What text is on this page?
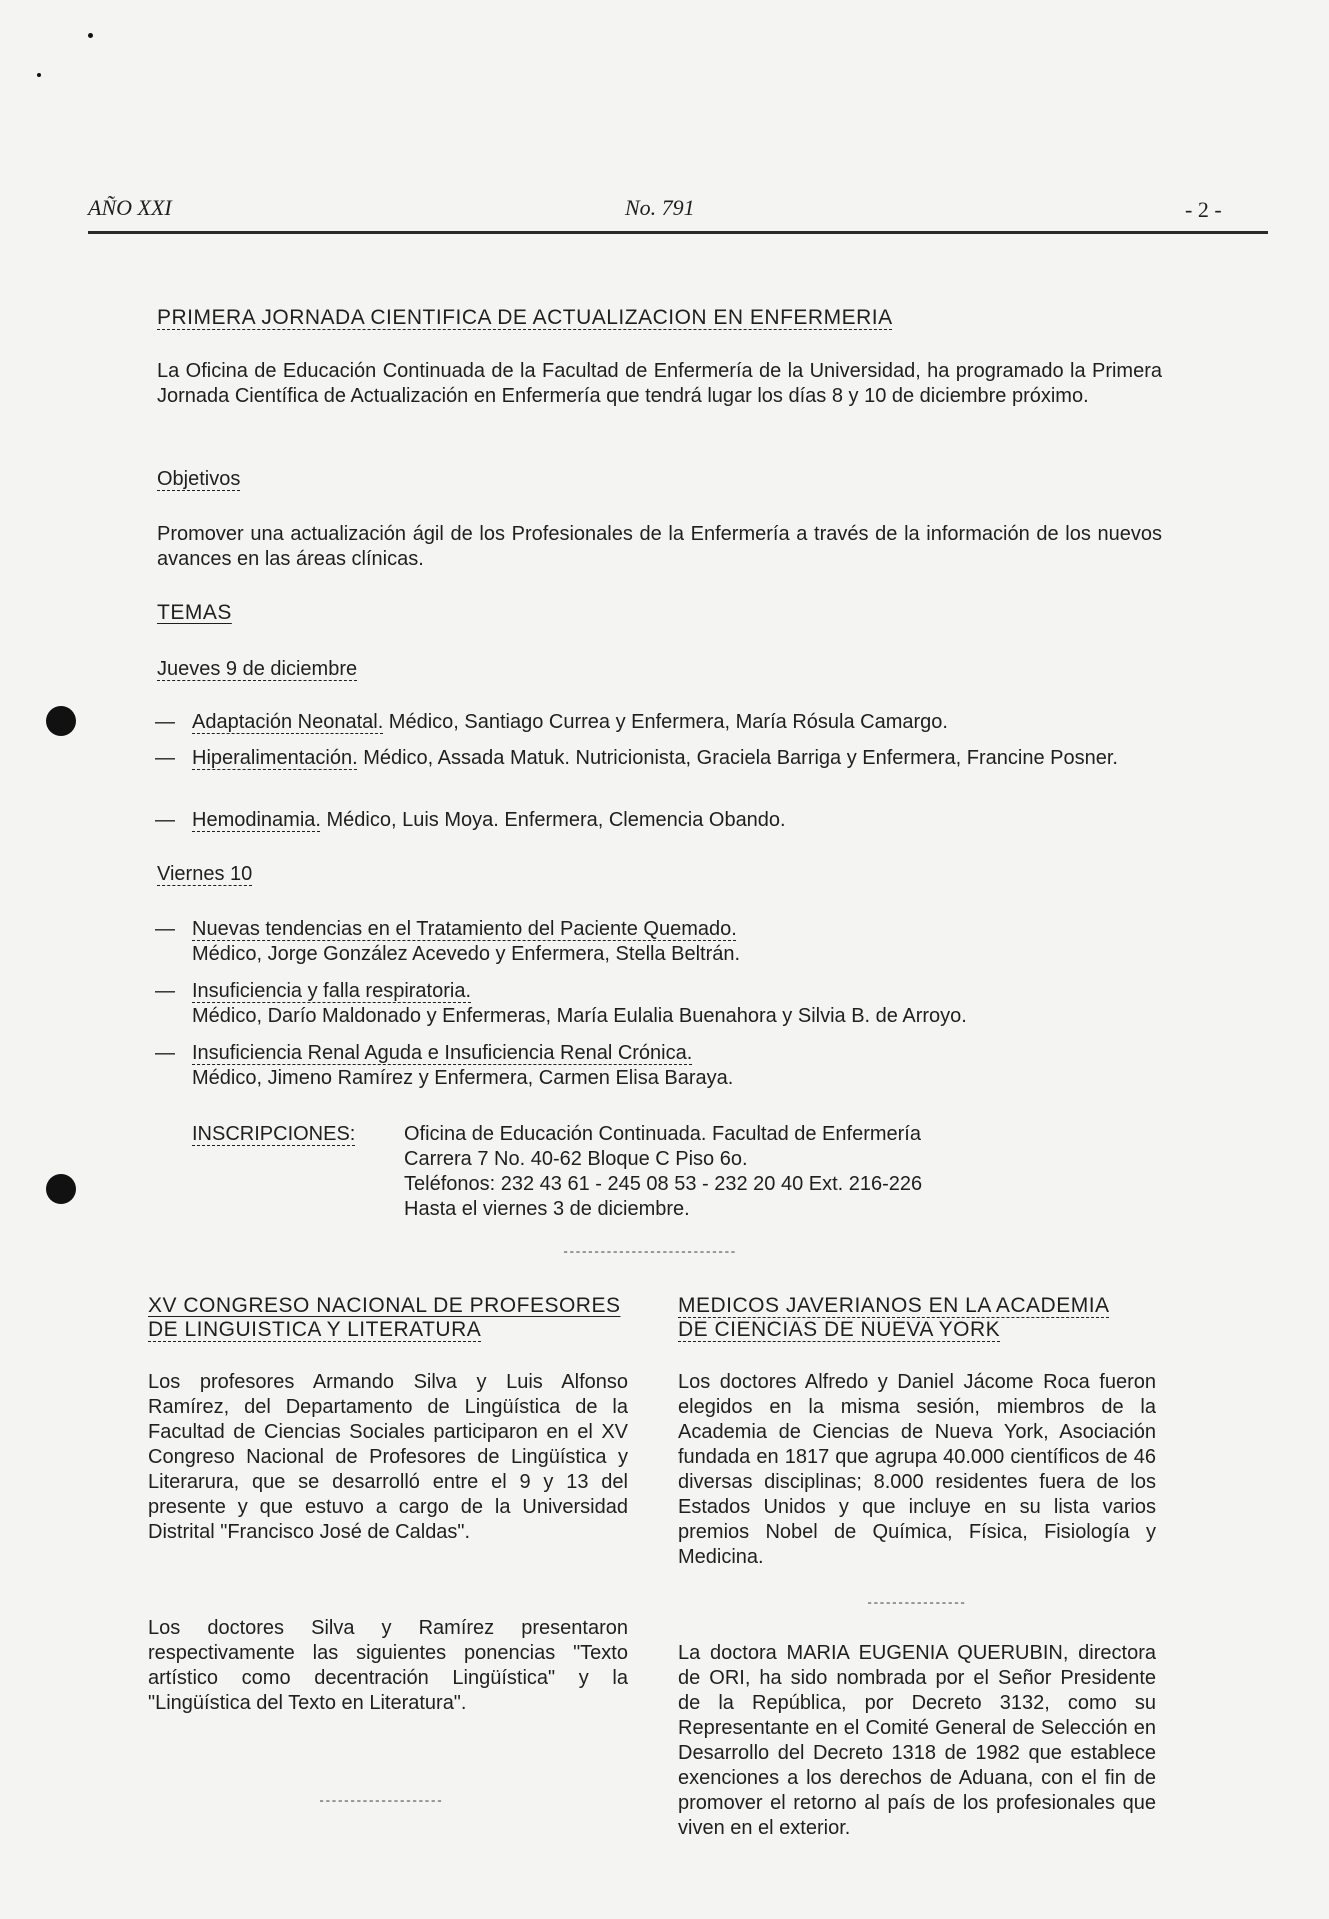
AÑO XXI	No. 791	- 2 -
PRIMERA JORNADA CIENTIFICA DE ACTUALIZACION EN ENFERMERIA
La Oficina de Educación Continuada de la Facultad de Enfermería de la Universidad, ha programado la Primera Jornada Científica de Actualización en Enfermería que tendrá lugar los días 8 y 10 de diciembre próximo.
Objetivos
Promover una actualización ágil de los Profesionales de la Enfermería a través de la información de los nuevos avances en las áreas clínicas.
TEMAS
Jueves 9 de diciembre
— Adaptación Neonatal. Médico, Santiago Currea y Enfermera, María Rósula Camargo.
— Hiperalimentación. Médico, Assada Matuk. Nutricionista, Graciela Barriga y Enfermera, Francine Posner.
— Hemodinamia. Médico, Luis Moya. Enfermera, Clemencia Obando.
Viernes 10
— Nuevas tendencias en el Tratamiento del Paciente Quemado.
Médico, Jorge González Acevedo y Enfermera, Stella Beltrán.
— Insuficiencia y falla respiratoria.
Médico, Darío Maldonado y Enfermeras, María Eulalia Buenahora y Silvia B. de Arroyo.
— Insuficiencia Renal Aguda e Insuficiencia Renal Crónica.
Médico, Jimeno Ramírez y Enfermera, Carmen Elisa Baraya.
INSCRIPCIONES: Oficina de Educación Continuada. Facultad de Enfermería
Carrera 7 No. 40-62 Bloque C Piso 6o.
Teléfonos: 232 43 61 - 245 08 53 - 232 20 40 Ext. 216-226
Hasta el viernes 3 de diciembre.
----------------------------
XV CONGRESO NACIONAL DE PROFESORES
DE LINGUISTICA Y LITERATURA
Los profesores Armando Silva y Luis Alfonso Ramírez, del Departamento de Lingüística de la Facultad de Ciencias Sociales participaron en el XV Congreso Nacional de Profesores de Lingüística y Literarura, que se desarrolló entre el 9 y 13 del presente y que estuvo a cargo de la Universidad Distrital "Francisco José de Caldas".
Los doctores Silva y Ramírez presentaron respectivamente las siguientes ponencias "Texto artístico como decentración Lingüística" y la "Lingüística del Texto en Literatura".
--------------------
MEDICOS JAVERIANOS EN LA ACADEMIA
DE CIENCIAS DE NUEVA YORK
Los doctores Alfredo y Daniel Jácome Roca fueron elegidos en la misma sesión, miembros de la Academia de Ciencias de Nueva York, Asociación fundada en 1817 que agrupa 40.000 científicos de 46 diversas disciplinas; 8.000 residentes fuera de los Estados Unidos y que incluye en su lista varios premios Nobel de Química, Física, Fisiología y Medicina.
----------------
La doctora MARIA EUGENIA QUERUBIN, directora de ORI, ha sido nombrada por el Señor Presidente de la República, por Decreto 3132, como su Representante en el Comité General de Selección en Desarrollo del Decreto 1318 de 1982 que establece exenciones a los derechos de Aduana, con el fin de promover el retorno al país de los profesionales que viven en el exterior.
